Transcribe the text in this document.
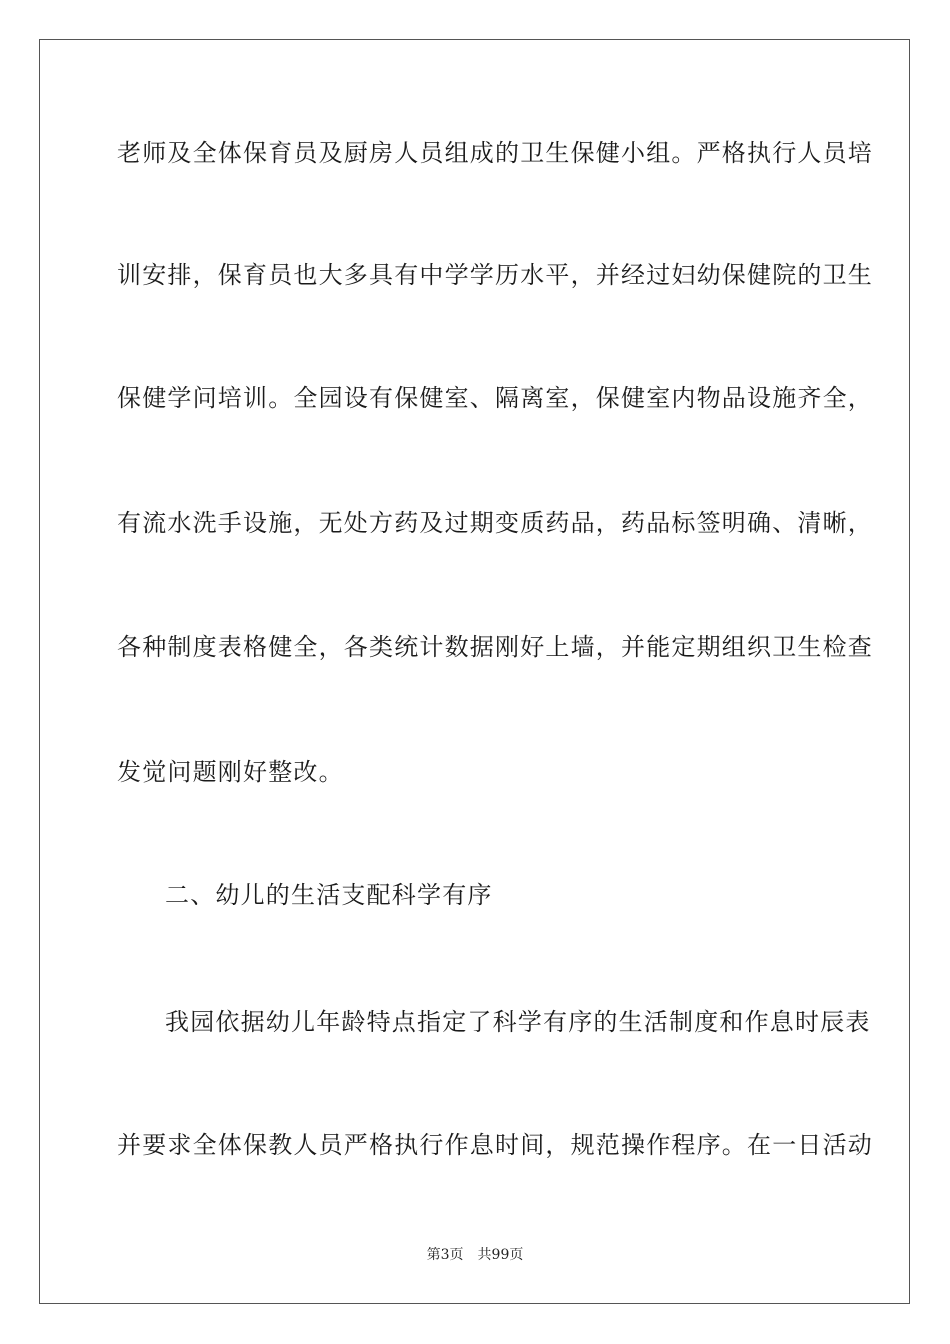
老师及全体保育员及厨房人员组成的卫生保健小组。严格执行人员培
训安排，保育员也大多具有中学学历水平，并经过妇幼保健院的卫生
保健学问培训。全园设有保健室、隔离室，保健室内物品设施齐全，
有流水洗手设施，无处方药及过期变质药品，药品标签明确、清晰，
各种制度表格健全，各类统计数据刚好上墙，并能定期组织卫生检查
发觉问题刚好整改。
二、幼儿的生活支配科学有序
我园依据幼儿年龄特点指定了科学有序的生活制度和作息时辰表
并要求全体保教人员严格执行作息时间，规范操作程序。在一日活动
第3页 共99页
